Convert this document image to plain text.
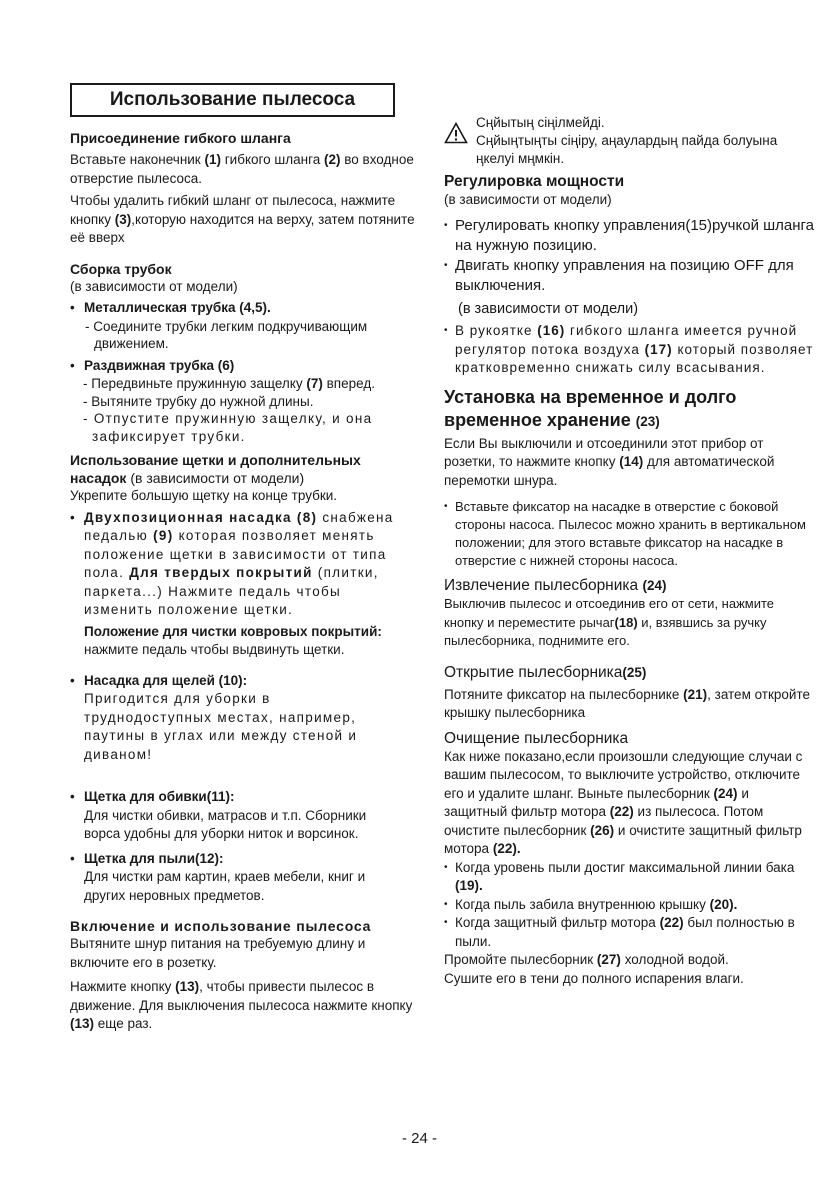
Использование пылесоса

Присоединение гибкого шланга

Вставьте наконечник (1) гибкого шланга (2) во входное отверстие пылесоса.

Чтобы удалить гибкий шланг от пылесоса, нажмите кнопку (3),которую находится на верху, затем потяните её вверх

Сборка трубок

(в зависимости от модели)

• Металлическая трубка (4,5).

- Соедините трубки легким подкручивающим движением.

• Раздвижная трубка (6)

- Передвиньте пружинную защелку (7) вперед.

- Вытяните трубку до нужной длины.

- Отпустите пружинную защелку, и она зафиксирует трубки.

Использование щетки и дополнительных насадок (в зависимости от модели)

Укрепите большую щетку на конце трубки.

• Двухпозиционная насадка (8) снабжена педалью (9) которая позволяет менять положение щетки в зависимости от типа пола. Для твердых покрытий (плитки, паркета...) Нажмите педаль чтобы изменить положение щетки.

Положение для чистки ковровых покрытий: нажмите педаль чтобы выдвинуть щетки.

• Насадка для щелей (10):

Пригодится для уборки в труднодоступных местах, например, паутины в углах или между стеной и диваном!

• Щетка для обивки(11):

Для чистки обивки, матрасов и т.п. Сборники ворса удобны для уборки ниток и ворсинок.

• Щетка для пыли(12):

Для чистки рам картин, краев мебели, книг и других неровных предметов.

Включение и использование пылесоса

Вытяните шнур питания на требуемую длину и включите его в розетку.

Нажмите кнопку (13), чтобы привести пылесос в движение. Для выключения пылесоса нажмите кнопку (13) еще раз.

Сңйытың сіңілмейді.

Сңйыңтыңты сіңіру, аңаулардың пайда болуына ңкелуі мңмкін.

Регулировка мощности

(в зависимости от модели)

• Регулировать кнопку управления(15)ручкой шланга на нужную позицию.
• Двигать кнопку управления на позицию OFF для выключения.

(в зависимости от модели)

• В рукоятке (16) гибкого шланга имеется ручной регулятор потока воздуха (17) который позволяет кратковременно снижать силу всасывания.

Установка на временное и долго временное хранение (23)

Если Вы выключили и отсоединили этот прибор от розетки, то нажмите кнопку (14) для автоматической перемотки шнура.

• Вставьте фиксатор на насадке в отверстие с боковой стороны насоса. Пылесос можно хранить в вертикальном положении; для этого вставьте фиксатор на насадке в отверстие с нижней стороны насоса.

Извлечение пылесборника (24)

Выключив пылесос и отсоединив его от сети, нажмите кнопку и переместите рычаг(18) и, взявшись за ручку пылесборника, поднимите его.

Открытие пылесборника(25)

Потяните фиксатор на пылесборнике (21), затем откройте крышку пылесборника

Очищение пылесборника

Как ниже показано,если произошли следующие случаи с вашим пылесосом, то выключите устройство, отключите его и удалите шланг. Выньте пылесборник (24) и защитный фильтр мотора (22) из пылесоса. Потом очистите пылесборник (26) и очистите защитный фильтр мотора (22).

• Когда уровень пыли достиг максимальной линии бака (19).
• Когда пыль забила внутреннюю крышку (20).
• Когда защитный фильтр мотора (22) был полностью в пыли.

Промойте пылесборник (27) холодной водой.

Сушите его в тени до полного испарения влаги.

- 24 -
